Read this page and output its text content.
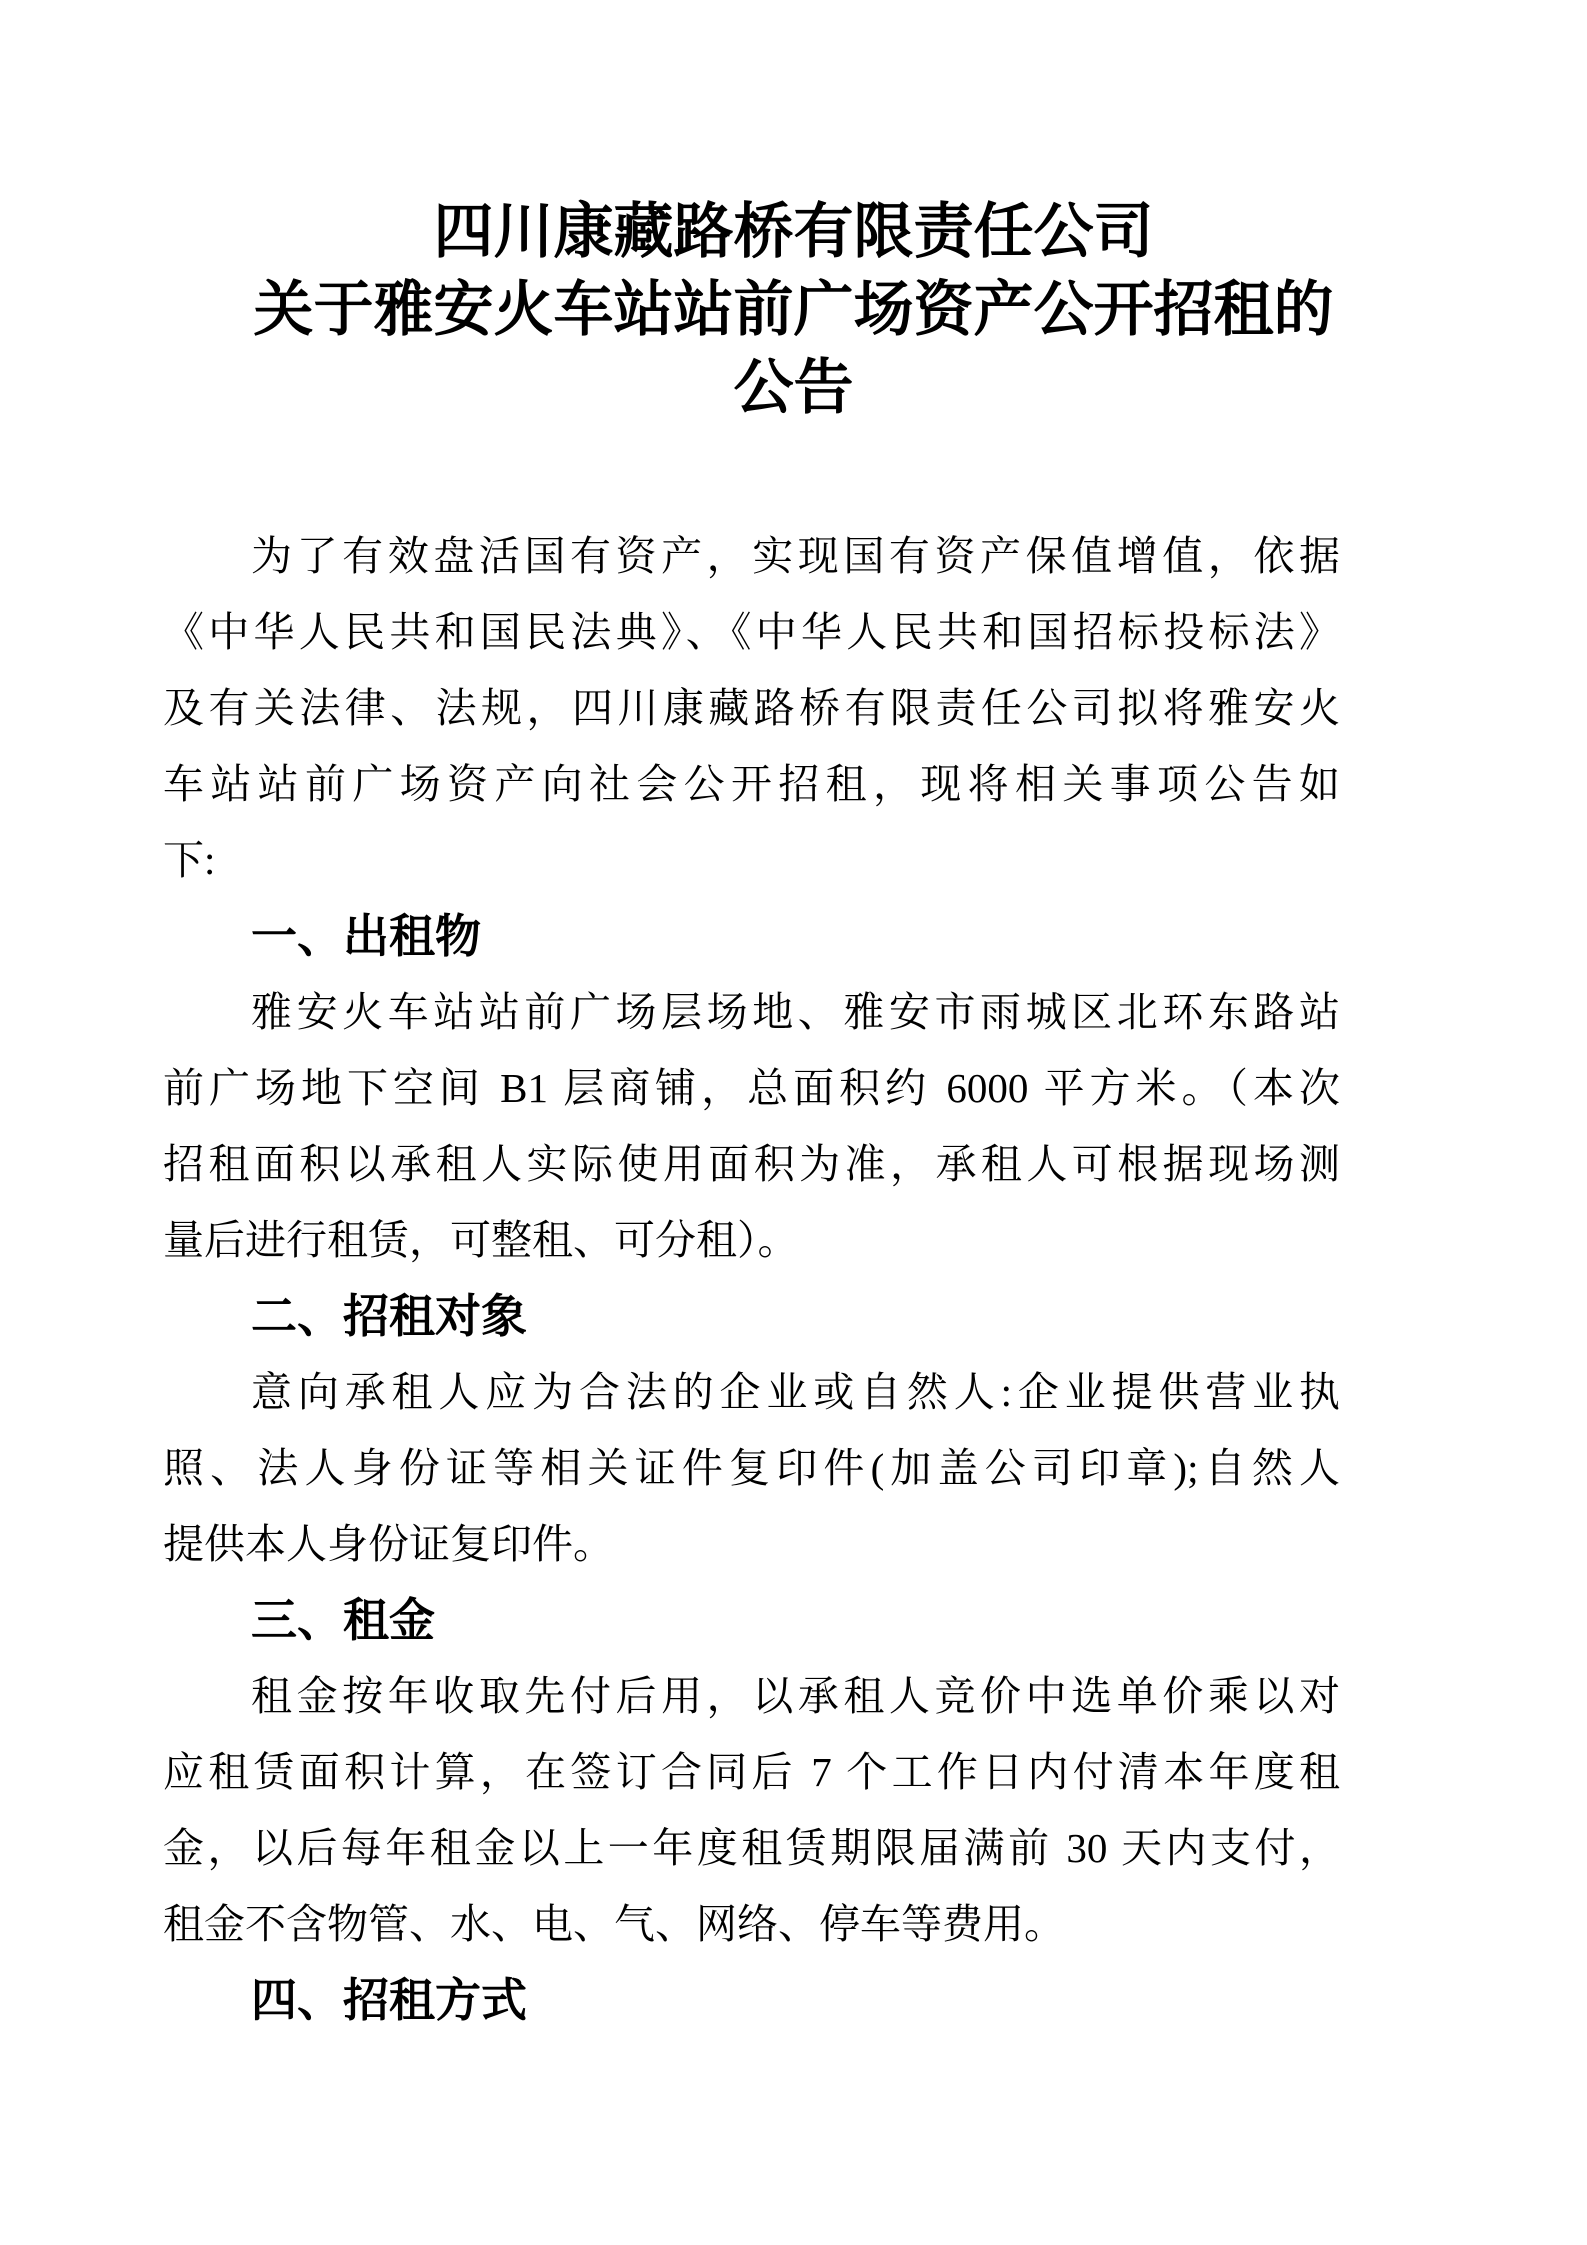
四川康藏路桥有限责任公司
关于雅安火车站站前广场资产公开招租的
公告
为了有效盘活国有资产，实现国有资产保值增值，依据
《中华人民共和国民法典》、《中华人民共和国招标投标法》
及有关法律、法规，四川康藏路桥有限责任公司拟将雅安火
车站站前广场资产向社会公开招租，现将相关事项公告如
下:
一、出租物
雅安火车站站前广场层场地、雅安市雨城区北环东路站
前广场地下空间 B1 层商铺，总面积约 6000 平方米。（本次
招租面积以承租人实际使用面积为准，承租人可根据现场测
量后进行租赁，可整租、可分租）。
二、招租对象
意向承租人应为合法的企业或自然人:企业提供营业执
照、法人身份证等相关证件复印件(加盖公司印章);自然人
提供本人身份证复印件。
三、租金
租金按年收取先付后用，以承租人竞价中选单价乘以对
应租赁面积计算，在签订合同后 7 个工作日内付清本年度租
金，以后每年租金以上一年度租赁期限届满前 30 天内支付，
租金不含物管、水、电、气、网络、停车等费用。
四、招租方式
